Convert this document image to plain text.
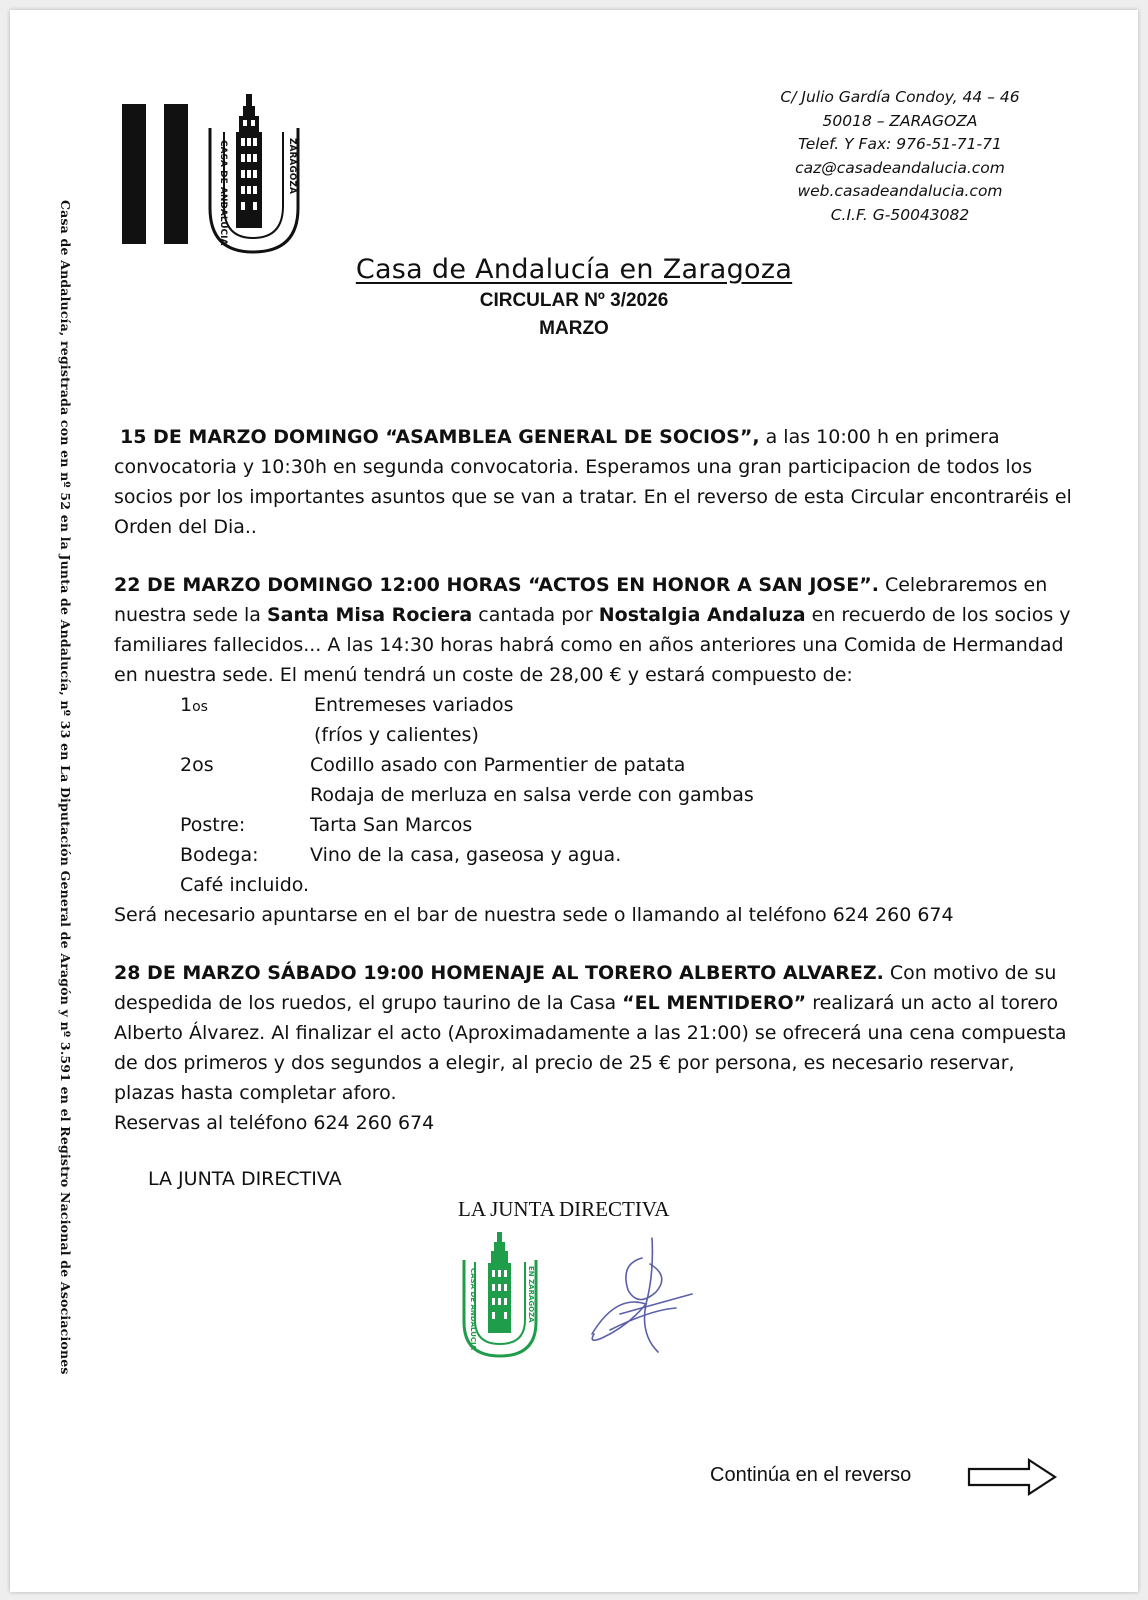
Casa de Andalucía, registrada con en nº 52 en la Junta de Andalucía, nº 33 en La Diputación General de Aragón y nº 3.591 en el Registro Nacional de Asociaciones
CASA DE ANDALUCIA	ZARAGOZA
C/ Julio Gardía Condoy, 44 – 46
50018 – ZARAGOZA
Telef. Y Fax: 976-51-71-71
caz@casadeandalucia.com
web.casadeandalucia.com
C.I.F. G-50043082
Casa de Andalucía en Zaragoza
CIRCULAR Nº 3/2026
MARZO

15 DE MARZO DOMINGO “ASAMBLEA GENERAL DE SOCIOS”, a las 10:00 h en primera convocatoria y 10:30h en segunda convocatoria. Esperamos una gran participacion de todos los socios por los importantes asuntos que se van a tratar. En el reverso de esta Circular encontraréis el Orden del Dia..

22 DE MARZO DOMINGO 12:00 HORAS “ACTOS EN HONOR A SAN JOSE”. Celebraremos en nuestra sede la Santa Misa Rociera cantada por Nostalgia Andaluza en recuerdo de los socios y familiares fallecidos... A las 14:30 horas habrá como en años anteriores una Comida de Hermandad en nuestra sede. El menú tendrá un coste de 28,00 € y estará compuesto de:
1os	Entremeses variados
(fríos y calientes)
2os	Codillo asado con Parmentier de patata
Rodaja de merluza en salsa verde con gambas
Postre:	Tarta San Marcos
Bodega:	Vino de la casa, gaseosa y agua.
Café incluido.
Será necesario apuntarse en el bar de nuestra sede o llamando al teléfono 624 260 674
28 DE MARZO SÁBADO 19:00 HOMENAJE AL TORERO ALBERTO ALVAREZ. Con motivo de su despedida de los ruedos, el grupo taurino de la Casa “EL MENTIDERO” realizará un acto al torero Alberto Álvarez. Al finalizar el acto (Aproximadamente a las 21:00) se ofrecerá una cena compuesta de dos primeros y dos segundos a elegir, al precio de 25 € por persona, es necesario reservar, plazas hasta completar aforo.
Reservas al teléfono 624 260 674
LA JUNTA DIRECTIVA
LA JUNTA DIRECTIVA
CASA DE ANDALUCIA	EN ZARAGOZA
Continúa en el reverso
